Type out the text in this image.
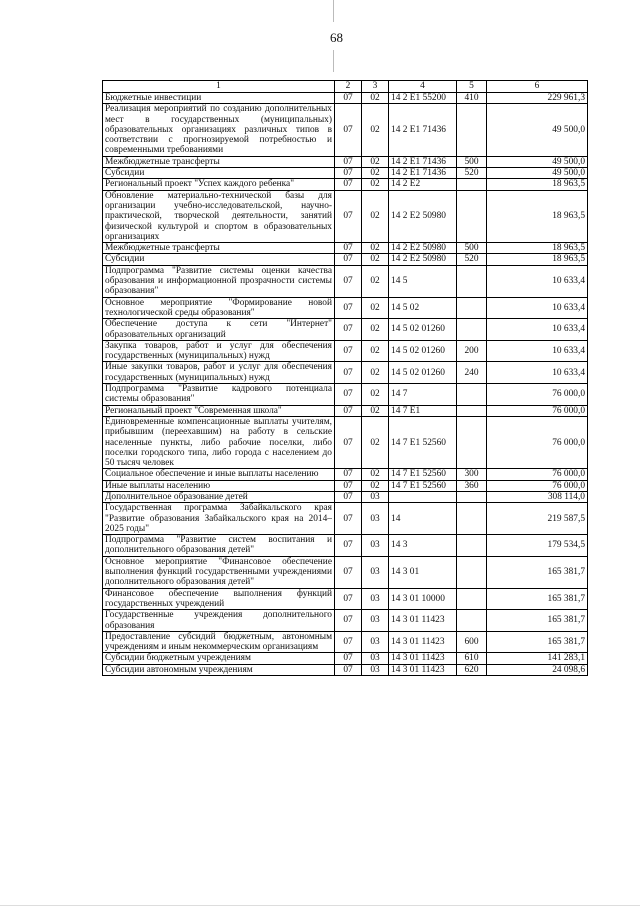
68
1	2	3	4	5	6
Бюджетные инвестиции	07	02	14 2 Е1 55200	410	229 961,3
Реализация мероприятий по созданию дополнительных мест в государственных (муниципальных) образовательных организациях различных типов в соответствии с прогнозируемой потребностью и современными требованиями	07	02	14 2 Е1 71436		49 500,0
Межбюджетные трансферты	07	02	14 2 Е1 71436	500	49 500,0
Субсидии	07	02	14 2 Е1 71436	520	49 500,0
Региональный проект "Успех каждого ребенка"	07	02	14 2 Е2		18 963,5
Обновление материально-технической базы для организации учебно-исследовательской, научно-практической, творческой деятельности, занятий физической культурой и спортом в образовательных организациях	07	02	14 2 Е2 50980		18 963,5
Межбюджетные трансферты	07	02	14 2 Е2 50980	500	18 963,5
Субсидии	07	02	14 2 Е2 50980	520	18 963,5
Подпрограмма "Развитие системы оценки качества образования и информационной прозрачности системы образования"	07	02	14 5		10 633,4
Основное мероприятие "Формирование новой технологической среды образования"	07	02	14 5 02		10 633,4
Обеспечение доступа к сети "Интернет" образовательных организаций	07	02	14 5 02 01260		10 633,4
Закупка товаров, работ и услуг для обеспечения государственных (муниципальных) нужд	07	02	14 5 02 01260	200	10 633,4
Иные закупки товаров, работ и услуг для обеспечения государственных (муниципальных) нужд	07	02	14 5 02 01260	240	10 633,4
Подпрограмма "Развитие кадрового потенциала системы образования"	07	02	14 7		76 000,0
Региональный проект "Современная школа"	07	02	14 7 Е1		76 000,0
Единовременные компенсационные выплаты учителям, прибывшим (переехавшим) на работу в сельские населенные пункты, либо рабочие поселки, либо поселки городского типа, либо города с населением до 50 тысяч человек	07	02	14 7 Е1 52560		76 000,0
Социальное обеспечение и иные выплаты населению	07	02	14 7 Е1 52560	300	76 000,0
Иные выплаты населению	07	02	14 7 Е1 52560	360	76 000,0
Дополнительное образование детей	07	03			308 114,0
Государственная программа Забайкальского края "Развитие образования Забайкальского края на 2014–2025 годы"	07	03	14		219 587,5
Подпрограмма "Развитие систем воспитания и дополнительного образования детей"	07	03	14 3		179 534,5
Основное мероприятие "Финансовое обеспечение выполнения функций государственными учреждениями дополнительного образования детей"	07	03	14 3 01		165 381,7
Финансовое обеспечение выполнения функций государственных учреждений	07	03	14 3 01 10000		165 381,7
Государственные учреждения дополнительного образования	07	03	14 3 01 11423		165 381,7
Предоставление субсидий бюджетным, автономным учреждениям и иным некоммерческим организациям	07	03	14 3 01 11423	600	165 381,7
Субсидии бюджетным учреждениям	07	03	14 3 01 11423	610	141 283,1
Субсидии автономным учреждениям	07	03	14 3 01 11423	620	24 098,6
